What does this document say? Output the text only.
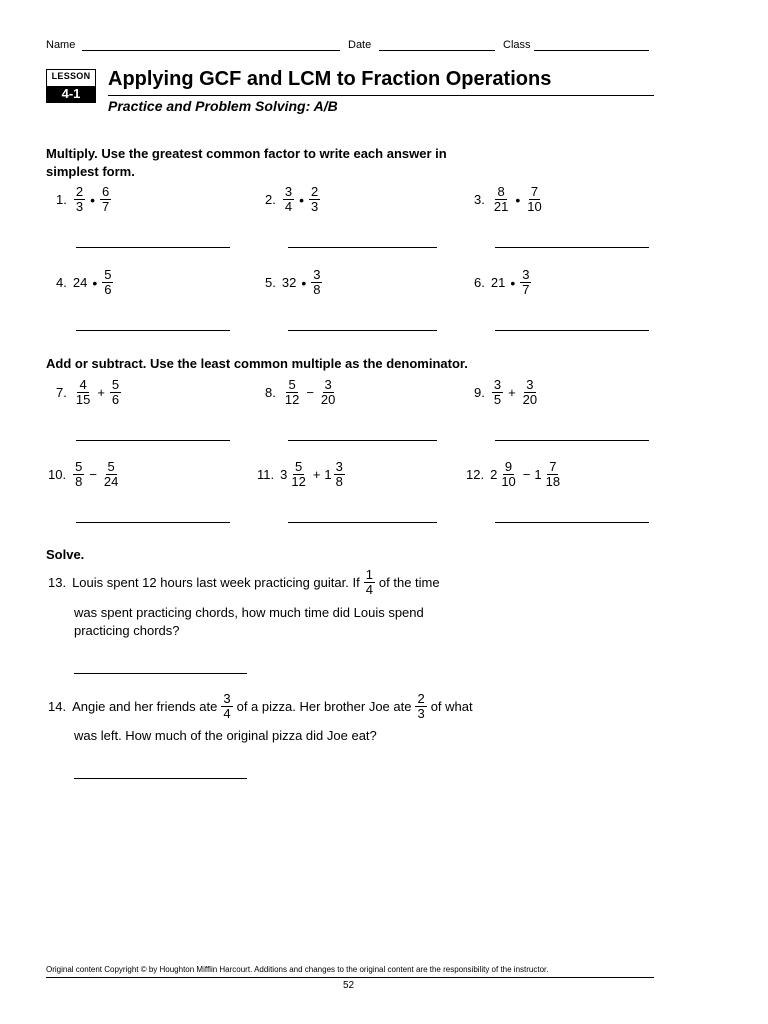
Name	Date	Class
LESSON
4-1
Applying GCF and LCM to Fraction Operations
Practice and Problem Solving: A/B
Multiply. Use the greatest common factor to write each answer in
simplest form.
1. $\frac{2}{3}$ • $\frac{6}{7}$	2. $\frac{3}{4}$ • $\frac{2}{3}$	3. $\frac{8}{21}$ • $\frac{7}{10}$
4. 24 • $\frac{5}{6}$	5. 32 • $\frac{3}{8}$	6. 21 • $\frac{3}{7}$
Add or subtract. Use the least common multiple as the denominator.
7. $\frac{4}{15} + \frac{5}{6}$	8. $\frac{5}{12} - \frac{3}{20}$	9. $\frac{3}{5} + \frac{3}{20}$
10. $\frac{5}{8} - \frac{5}{24}$	11. $3 \frac{5}{12} + 1 \frac{3}{8}$	12. $2 \frac{9}{10} - 1 \frac{7}{18}$
Solve.
13. Louis spent 12 hours last week practicing guitar. If $\frac{1}{4}$ of the time
was spent practicing chords, how much time did Louis spend
practicing chords?
14. Angie and her friends ate $\frac{3}{4}$ of a pizza. Her brother Joe ate $\frac{2}{3}$ of what
was left. How much of the original pizza did Joe eat?
Original content Copyright © by Houghton Mifflin Harcourt. Additions and changes to the original content are the responsibility of the instructor.
52
